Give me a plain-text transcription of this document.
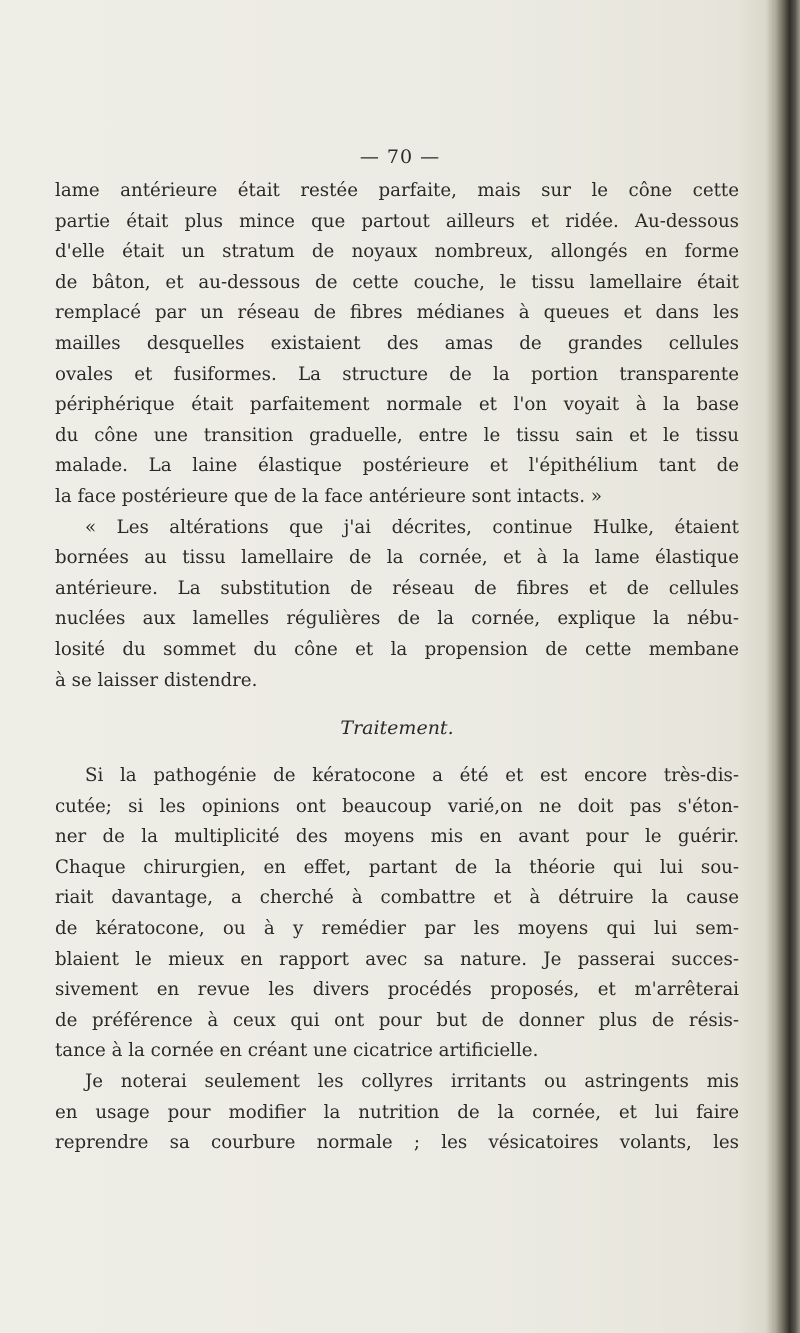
— 70 —
lame antérieure était restée parfaite, mais sur le cône cette
partie était plus mince que partout ailleurs et ridée. Au-dessous
d'elle était un stratum de noyaux nombreux, allongés en forme
de bâton, et au-dessous de cette couche, le tissu lamellaire était
remplacé par un réseau de fibres médianes à queues et dans les
mailles desquelles existaient des amas de grandes cellules
ovales et fusiformes. La structure de la portion transparente
périphérique était parfaitement normale et l'on voyait à la base
du cône une transition graduelle, entre le tissu sain et le tissu
malade. La laine élastique postérieure et l'épithélium tant de
la face postérieure que de la face antérieure sont intacts. »
« Les altérations que j'ai décrites, continue Hulke, étaient
bornées au tissu lamellaire de la cornée, et à la lame élastique
antérieure. La substitution de réseau de fibres et de cellules
nuclées aux lamelles régulières de la cornée, explique la nébu-
losité du sommet du cône et la propension de cette membane
à se laisser distendre.
Traitement.
Si la pathogénie de kératocone a été et est encore très-dis-
cutée; si les opinions ont beaucoup varié,on ne doit pas s'éton-
ner de la multiplicité des moyens mis en avant pour le guérir.
Chaque chirurgien, en effet, partant de la théorie qui lui sou-
riait davantage, a cherché à combattre et à détruire la cause
de kératocone, ou à y remédier par les moyens qui lui sem-
blaient le mieux en rapport avec sa nature. Je passerai succes-
sivement en revue les divers procédés proposés, et m'arrêterai
de préférence à ceux qui ont pour but de donner plus de résis-
tance à la cornée en créant une cicatrice artificielle.
Je noterai seulement les collyres irritants ou astringents mis
en usage pour modifier la nutrition de la cornée, et lui faire
reprendre sa courbure normale ; les vésicatoires volants, les
